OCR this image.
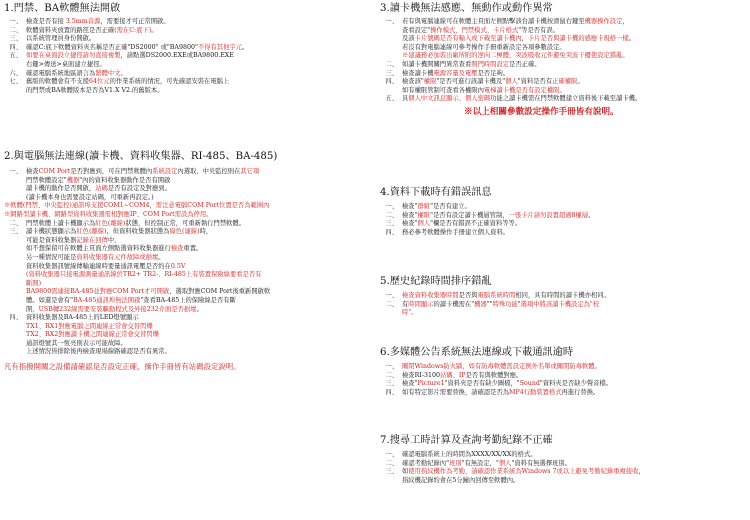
1.門禁、BA軟體無法開啟
一、 檢查是否有接 3.5mm音源，需要接才可正常開啟。
二、 軟體資料夾放置的路徑是否正確(需在C:底下)。
三、 以系統管理員身份開啟。
四、 確認C:底下軟體資料夾名稱是否正確"DS2000" 或"BA9800"不得有其他字元。
五、 如要在桌面設立捷徑請勿直接複製，請點選DS2000.EXE或BA9800.EXE
右鍵>傳送>桌面建立捷徑。
六、 確認電腦系統地區語言為繁體中文。
七、 舊版的軟體會有不支援64位元的作業系統的情況，可先確認安裝在電腦上
的門禁或BA軟體版本是否為V1.X V2.的舊版本。
2.與電腦無法連線(讀卡機、資料收集器、RI-485、BA-485)
一、 檢查COM Port是否對應到，可在門禁軟體內系統設定內選取，中央監控則在其它項
門禁軟體設定"機器"內的資料收集器動作是否有開啟
讀卡機的動作是否開啟，站碼是否有設定及對應到。
(讀卡機本身也需要設定站碼，可重新再設定。)
※軟體(門禁、中央監控)通訊埠支援COM1~COM4，需注意電腦COM Port位置是否為範圍內
※網路型讀卡機、網路型資料收集器需相對應IP、COM Port需設為停用。
二、 門禁軟體上讀卡機顯示為紅色(離線)狀態，但控制正常，可重新執行門禁軟體。
三、 讀卡機狀態顯示為紅色(離線)，但資料收集器狀態為綠色(連線)時，
可能是資料收集器記錄在回傳中，
如不想保留可在軟體主頁面左側點選資料收集器進行檢查重置。
另一種情況可能是資料收集器有元件故障或損壞。
資料收集器訊號線傳輸連線時要量通訊電壓是否約在0.5V
(資料收集器只接電源測量通訊線於TR2+ TR2-、RI-485上有裝置保險絲要看是否有
斷開)
BA9800需連接BA-485並對應COM Port才可開啟，選取對應COM Port後重新開啟軟
體。如還是會有"BA-485通訊埠無法開啟"查看BA-485上的保險絲是否有斷
開，USB轉232線需要安裝驅動程式及外接232介面是否損壞。
四、 資料收集器及BA-485上的LED燈號顯示
TX1、RX1對應電腦之間連線正常會交替閃爍
TX2、RX2對應讀卡機之間連線正常會交替閃爍
通訊燈號其一恆亮則表示可能故障。
上述情況皆排除後再檢查現場線路確認是否有異常。
凡有指撥開關之設備請確認是否設定正確，操作手冊皆有站碼設定說明。
3.讀卡機無法感應、無動作或動作異常
一、 若有與電腦連線可在軟體主頁面左側點擊該台讀卡機按滑鼠右鍵至機器操作設定，
查看設定"操作模式、門禁模式、卡片格式"等是否有誤。
及該卡片號碼是否有輸入或下載至讀卡機內，卡片是否與讀卡機的感應卡規格一樣。
若沒有對電腦連線可參考操作手冊重新設定各項參數設定。
※建議務必加裝出廠所附的逆向二極體，突波吸收元件避免突波干擾使設定錯亂。
二、 如讀卡機開關門異常查看開門時間設定是否正確。
三、 檢查讀卡機電源容量及電壓是否足夠。
四、 檢查該"權限"是否可進行該讀卡機及"個人"資料是否有正確權限。
如有權限管制可查看各權限內電梯讀卡機是否有設定權限。
五、 具個人中文訊息顯示、個人密碼功能之讀卡機需在門禁軟體建立資料後下載至讀卡機。
※以上相關參數設定操作手冊皆有說明。
4.資料下載時有錯誤訊息
一、 檢查"群組"是否有建立。
二、 檢查"權限"是否有設定讀卡機層管制，一張卡片請勿設置超過8權層。
三、 檢查"個人"欄是否有錯誤不正確資料等等。
四、 務必參考軟體操作手冊建立個人資料。
5.歷史紀錄時間排序錯亂
一、 檢查資料收集器時間是否與電腦系統時間相同，具有時間的讀卡機亦相同。
二、 有時間顯示的讀卡機需在"機器""特殊功能"選項中將該讀卡機設定為"校
時"。
6.多媒體公告系統無法連線或下載通訊逾時
一、 關閉Windows防火牆，如有防毒軟體需設定例外名單或關閉防毒軟體。
二、 檢查RI-3100站碼、IP是否有與軟體對應。
三、 檢查"Picture1"資料夾是否有缺少圖檔，"Sound"資料夾是否缺少聲音檔。
四、 如有特定影片需要替換，請確認是否為MP4行動裝置格式再進行替換。
7.搜尋工時計算及查詢考勤紀錄不正確
一、 確認電腦系統上的時間為XXXX/XX/XX的格式。
二、 確認考勤紀錄內"班別"有無設定，"個人"資料有無選擇班別。
三、 如使用指紋機作為考勤，請確認作業系統為Windows 7或以上避免考勤紀錄重複接收，
指紋機記錄約會在5分鐘內回傳至軟體內。
